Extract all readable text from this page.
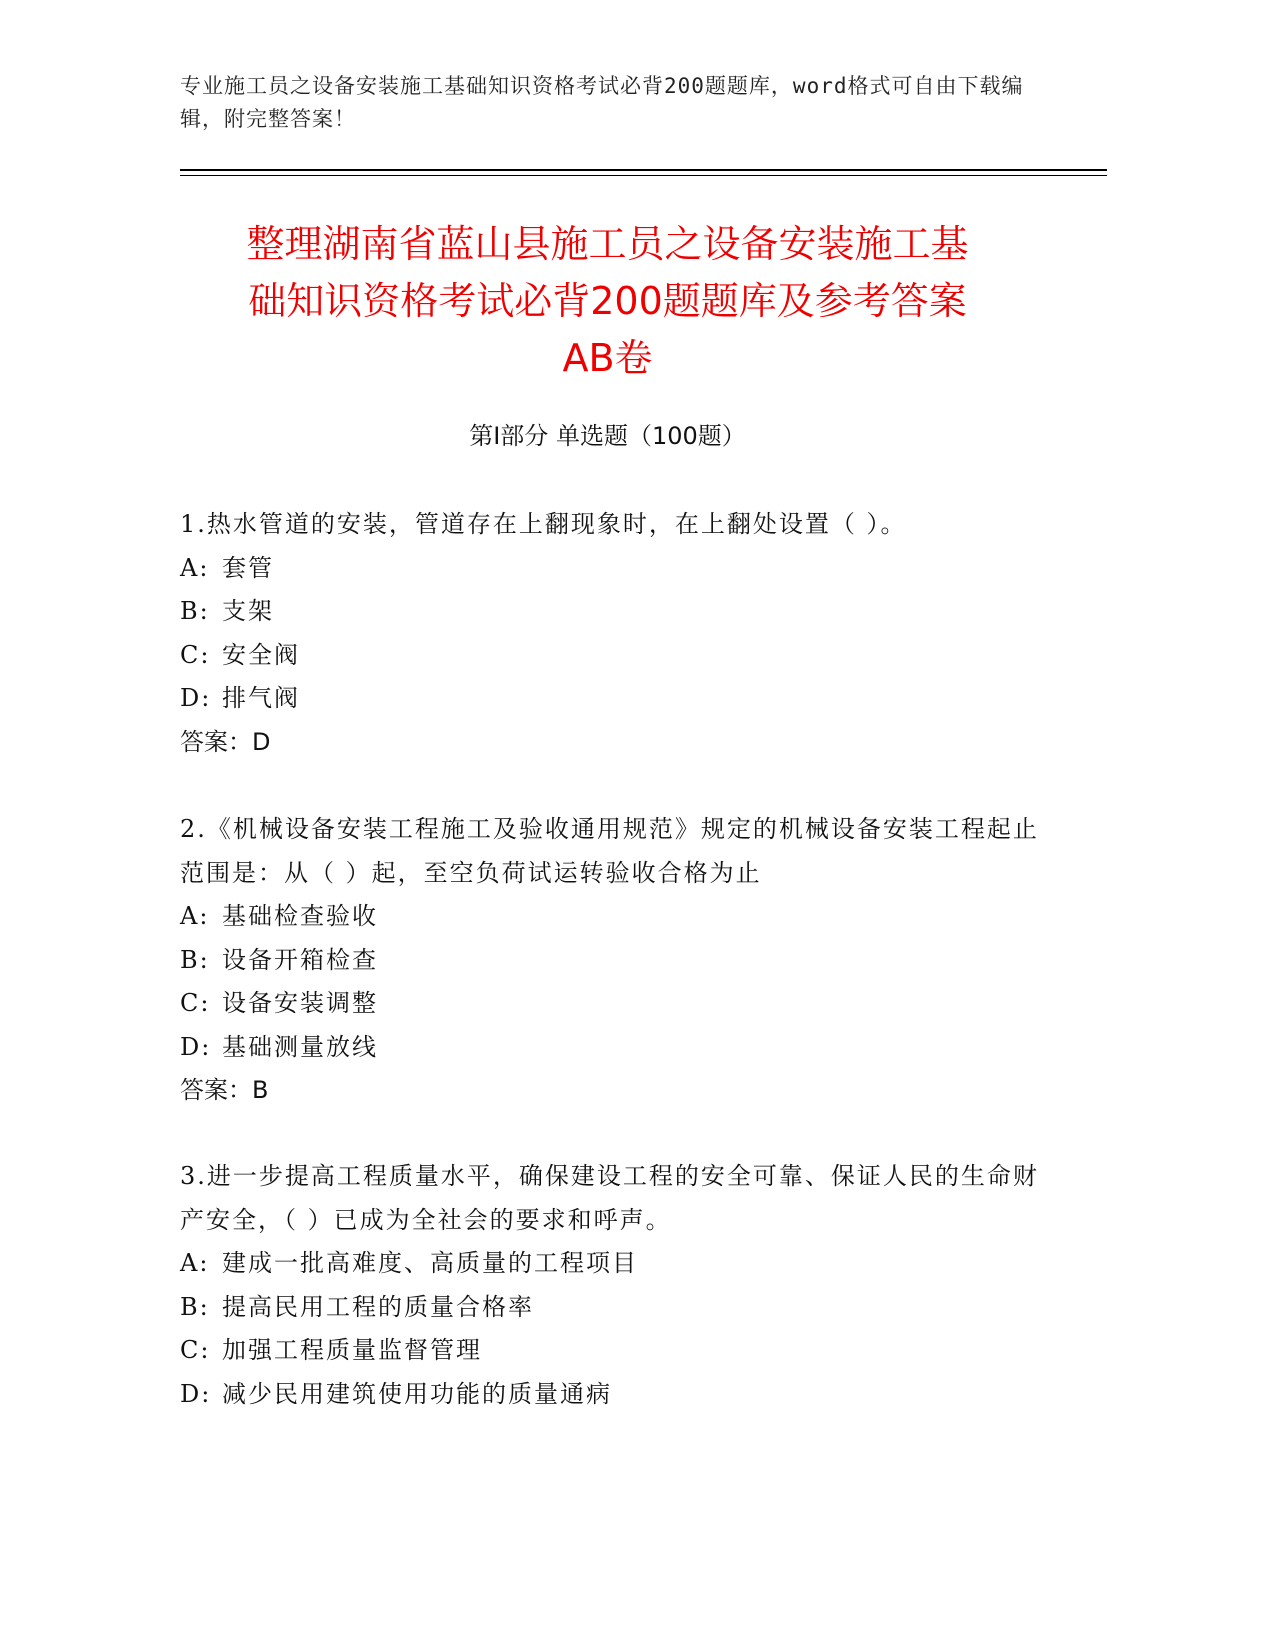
专业施工员之设备安装施工基础知识资格考试必背200题题库，word格式可自由下载编辑，附完整答案！
整理湖南省蓝山县施工员之设备安装施工基
础知识资格考试必背200题题库及参考答案
AB卷
第Ⅰ部分 单选题（100题）
1.热水管道的安装，管道存在上翻现象时，在上翻处设置（ ）。
A: 套管
B: 支架
C: 安全阀
D: 排气阀
答案：D
2.《机械设备安装工程施工及验收通用规范》规定的机械设备安装工程起止范围是：从（ ）起，至空负荷试运转验收合格为止
A: 基础检查验收
B: 设备开箱检查
C: 设备安装调整
D: 基础测量放线
答案：B
3.进一步提高工程质量水平，确保建设工程的安全可靠、保证人民的生命财产安全，（ ）已成为全社会的要求和呼声。
A: 建成一批高难度、高质量的工程项目
B: 提高民用工程的质量合格率
C: 加强工程质量监督管理
D: 减少民用建筑使用功能的质量通病
